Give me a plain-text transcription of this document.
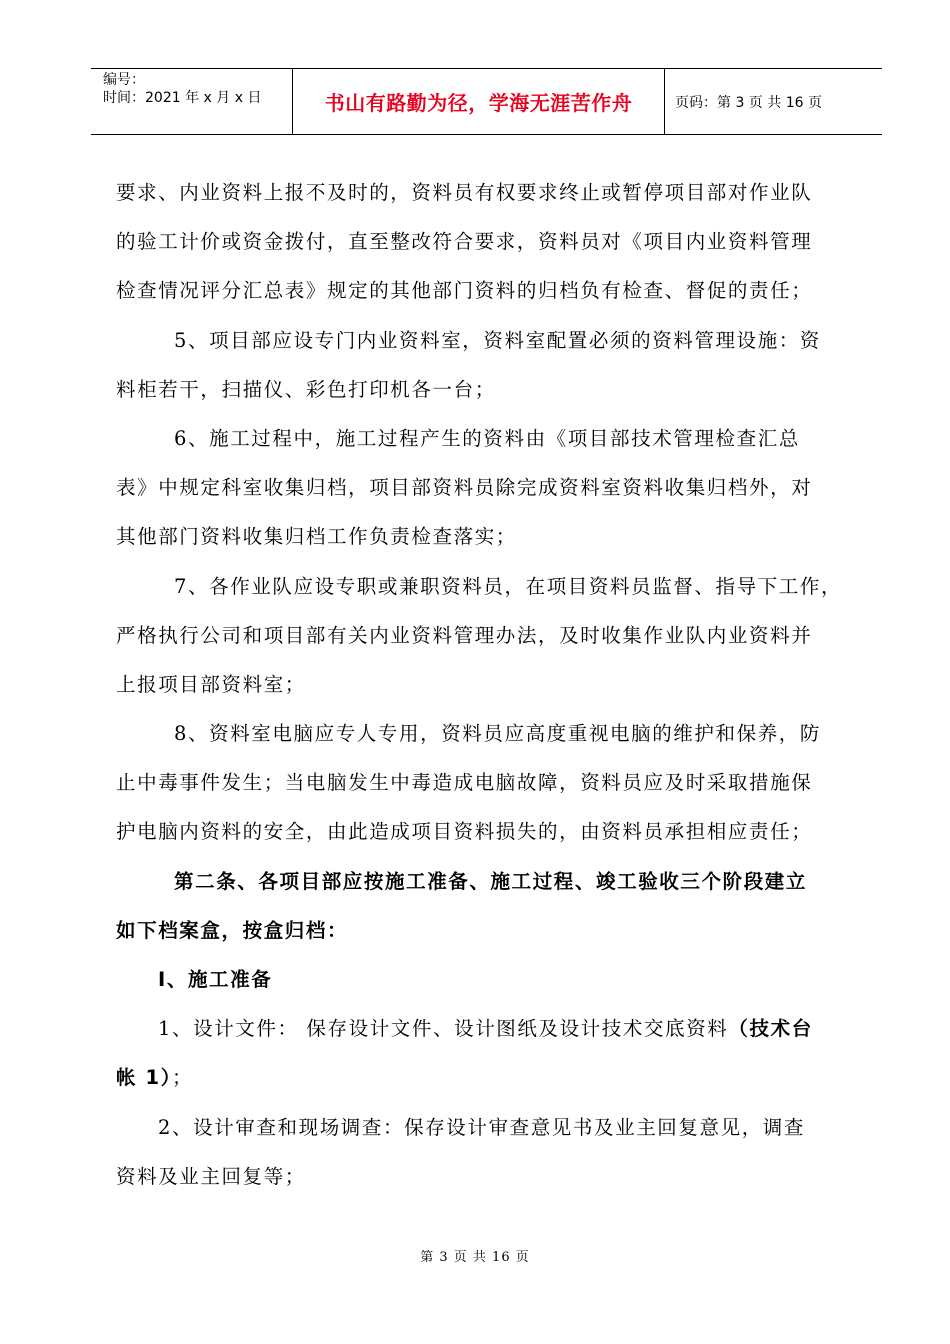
编号：
时间：2021 年 x 月 x 日	书山有路勤为径，学海无涯苦作舟	页码：第 3 页 共 16 页
要求、内业资料上报不及时的，资料员有权要求终止或暂停项目部对作业队
的验工计价或资金拨付，直至整改符合要求，资料员对《项目内业资料管理
检查情况评分汇总表》规定的其他部门资料的归档负有检查、督促的责任；
5、项目部应设专门内业资料室，资料室配置必须的资料管理设施：资
料柜若干，扫描仪、彩色打印机各一台；
6、施工过程中，施工过程产生的资料由《项目部技术管理检查汇总
表》中规定科室收集归档，项目部资料员除完成资料室资料收集归档外，对
其他部门资料收集归档工作负责检查落实；
7、各作业队应设专职或兼职资料员，在项目资料员监督、指导下工作，
严格执行公司和项目部有关内业资料管理办法，及时收集作业队内业资料并
上报项目部资料室；
8、资料室电脑应专人专用，资料员应高度重视电脑的维护和保养，防
止中毒事件发生；当电脑发生中毒造成电脑故障，资料员应及时采取措施保
护电脑内资料的安全，由此造成项目资料损失的，由资料员承担相应责任；
第二条、各项目部应按施工准备、施工过程、竣工验收三个阶段建立
如下档案盒，按盒归档：
Ⅰ、施工准备
1、设计文件： 保存设计文件、设计图纸及设计技术交底资料（技术台
帐 1）；
2、设计审查和现场调查：保存设计审查意见书及业主回复意见，调查
资料及业主回复等；
第 3 页 共 16 页
